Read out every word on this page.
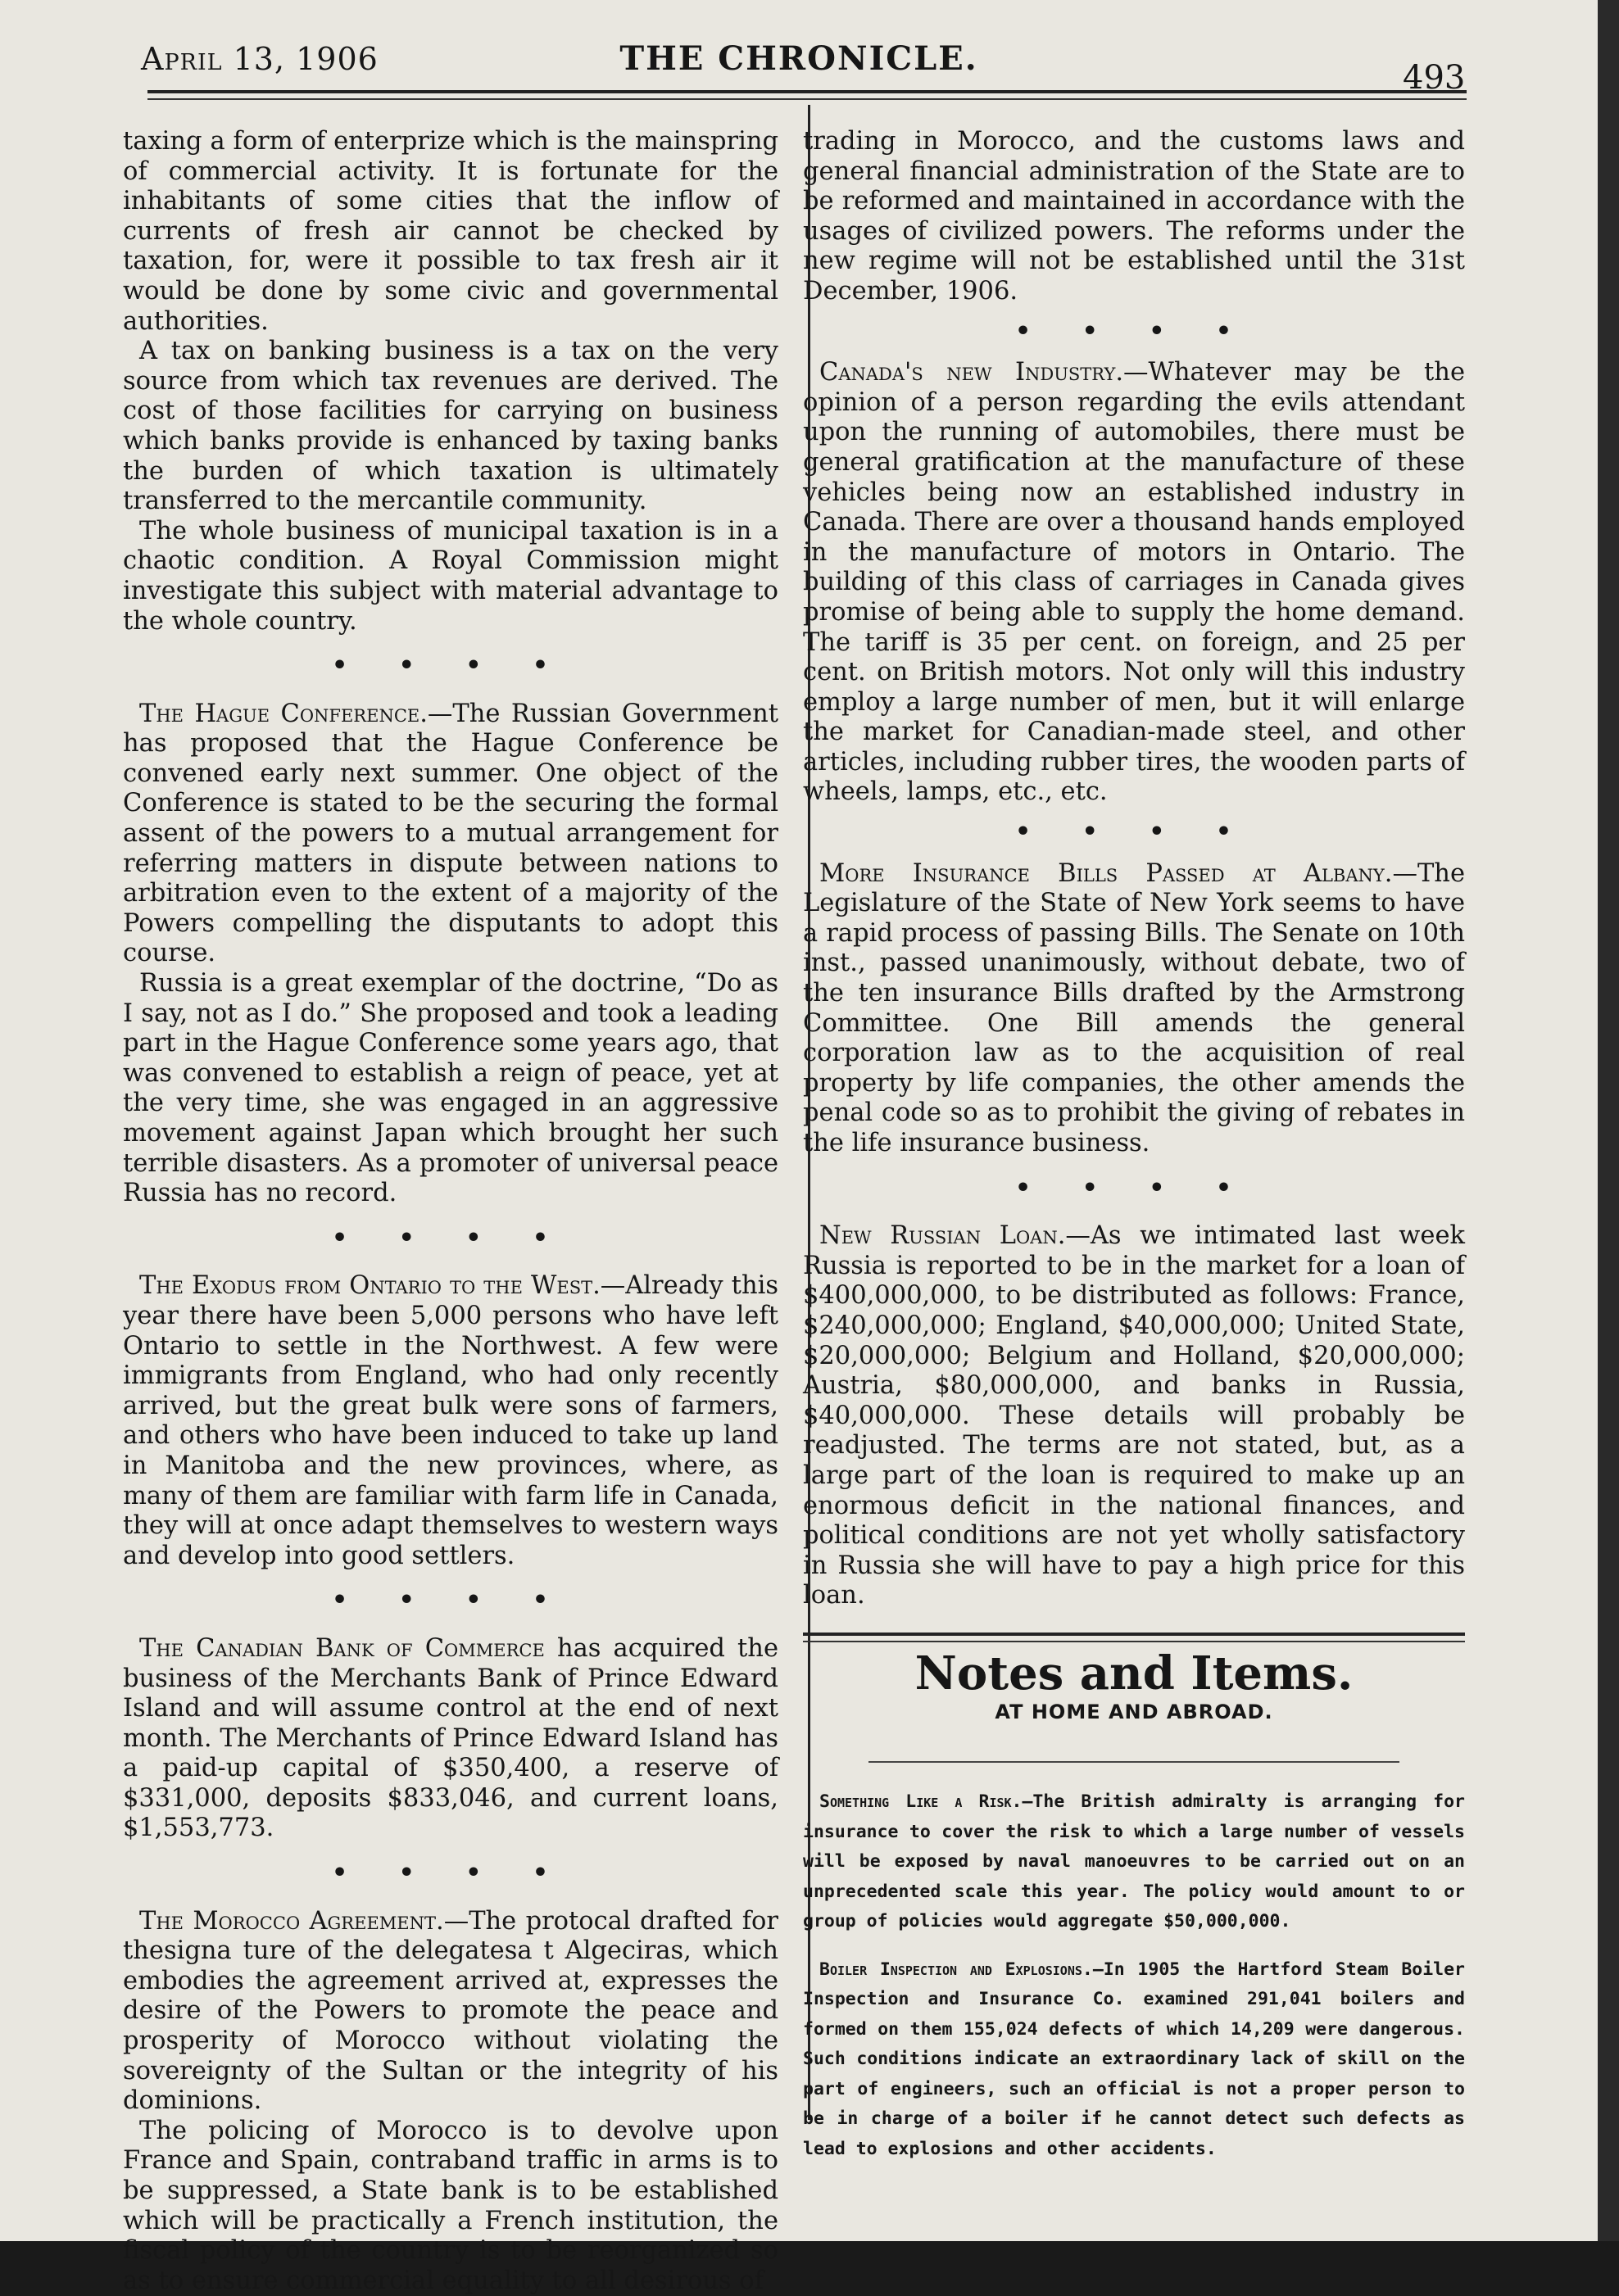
April 13, 1906	THE CHRONICLE.	493

taxing a form of enterprize which is the mainspring of commercial activity. It is fortunate for the inhabitants of some cities that the inflow of currents of fresh air cannot be checked by taxation, for, were it possible to tax fresh air it would be done by some civic and governmental authorities.

A tax on banking business is a tax on the very source from which tax revenues are derived. The cost of those facilities for carrying on business which banks provide is enhanced by taxing banks the burden of which taxation is ultimately transferred to the mercantile community.

The whole business of municipal taxation is in a chaotic condition. A Royal Commission might investigate this subject with material advantage to the whole country.

• • • •

The Hague Conference.—The Russian Government has proposed that the Hague Conference be convened early next summer. One object of the Conference is stated to be the securing the formal assent of the powers to a mutual arrangement for referring matters in dispute between nations to arbitration even to the extent of a majority of the Powers compelling the disputants to adopt this course.

Russia is a great exemplar of the doctrine, “Do as I say, not as I do.” She proposed and took a leading part in the Hague Conference some years ago, that was convened to establish a reign of peace, yet at the very time, she was engaged in an aggressive movement against Japan which brought her such terrible disasters. As a promoter of universal peace Russia has no record.

• • • •

The Exodus from Ontario to the West.—Already this year there have been 5,000 persons who have left Ontario to settle in the Northwest. A few were immigrants from England, who had only recently arrived, but the great bulk were sons of farmers, and others who have been induced to take up land in Manitoba and the new provinces, where, as many of them are familiar with farm life in Canada, they will at once adapt themselves to western ways and develop into good settlers.

• • • •

The Canadian Bank of Commerce has acquired the business of the Merchants Bank of Prince Edward Island and will assume control at the end of next month. The Merchants of Prince Edward Island has a paid-up capital of $350,400, a reserve of $331,000, deposits $833,046, and current loans, $1,553,773.

• • • •

The Morocco Agreement.—The protocal drafted for thesigna ture of the delegatesa t Algeciras, which embodies the agreement arrived at, expresses the desire of the Powers to promote the peace and prosperity of Morocco without violating the sovereignty of the Sultan or the integrity of his dominions.

The policing of Morocco is to devolve upon France and Spain, contraband traffic in arms is to be suppressed, a State bank is to be established which will be practically a French institution, the fiscal policy of the country is to be reorganized so as to ensure commercial equality to all desirous of

trading in Morocco, and the customs laws and general financial administration of the State are to be reformed and maintained in accordance with the usages of civilized powers. The reforms under the new regime will not be established until the 31st December, 1906.

• • • •

Canada's new Industry.—Whatever may be the opinion of a person regarding the evils attendant upon the running of automobiles, there must be general gratification at the manufacture of these vehicles being now an established industry in Canada. There are over a thousand hands employed in the manufacture of motors in Ontario. The building of this class of carriages in Canada gives promise of being able to supply the home demand. The tariff is 35 per cent. on foreign, and 25 per cent. on British motors. Not only will this industry employ a large number of men, but it will enlarge the market for Canadian-made steel, and other articles, including rubber tires, the wooden parts of wheels, lamps, etc., etc.

• • • •

More Insurance Bills Passed at Albany.—The Legislature of the State of New York seems to have a rapid process of passing Bills. The Senate on 10th inst., passed unanimously, without debate, two of the ten insurance Bills drafted by the Armstrong Committee. One Bill amends the general corporation law as to the acquisition of real property by life companies, the other amends the penal code so as to prohibit the giving of rebates in the life insurance business.

• • • •

New Russian Loan.—As we intimated last week Russia is reported to be in the market for a loan of $400,000,000, to be distributed as follows: France, $240,000,000; England, $40,000,000; United State, $20,000,000; Belgium and Holland, $20,000,000; Austria, $80,000,000, and banks in Russia, $40,000,000. These details will probably be readjusted. The terms are not stated, but, as a large part of the loan is required to make up an enormous deficit in the national finances, and political conditions are not yet wholly satisfactory in Russia she will have to pay a high price for this loan.

Notes and Items.
AT HOME AND ABROAD.

Something Like a Risk.—The British admiralty is arranging for insurance to cover the risk to which a large number of vessels will be exposed by naval manoeuvres to be carried out on an unprecedented scale this year. The policy would amount to or group of policies would aggregate $50,000,000.

Boiler Inspection and Explosions.—In 1905 the Hartford Steam Boiler Inspection and Insurance Co. examined 291,041 boilers and formed on them 155,024 defects of which 14,209 were dangerous. Such conditions indicate an extraordinary lack of skill on the part of engineers, such an official is not a proper person to be in charge of a boiler if he cannot detect such defects as lead to explosions and other accidents.
